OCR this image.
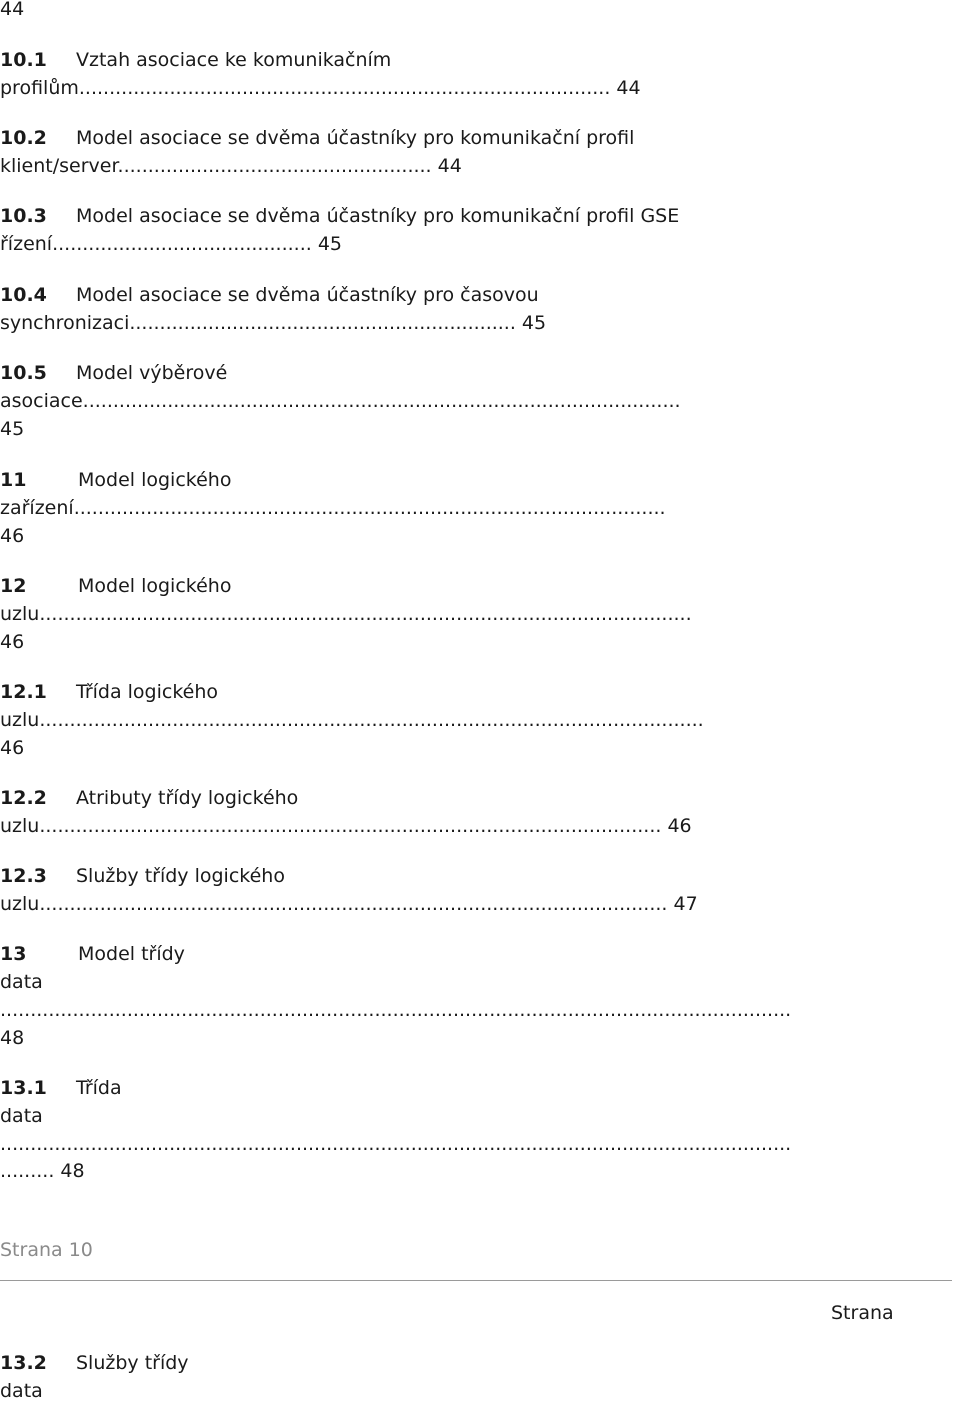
44
10.1 Vztah asociace ke komunikačním
profilům........................................................................................ 44
10.2 Model asociace se dvěma účastníky pro komunikační profil
klient/server.................................................... 44
10.3 Model asociace se dvěma účastníky pro komunikační profil GSE
řízení........................................... 45
10.4 Model asociace se dvěma účastníky pro časovou
synchronizaci................................................................ 45
10.5 Model výběrové
asociace...................................................................................................
45
11	Model logického
zařízení..................................................................................................
46
12	Model logického
uzlu............................................................................................................
46
12.1 Třída logického
uzlu..............................................................................................................
46
12.2 Atributy třídy logického
uzlu....................................................................................................... 46
12.3 Služby třídy logického
uzlu........................................................................................................ 47
13	Model třídy
data
...................................................................................................................................
48
13.1 Třída
data
...................................................................................................................................
......... 48
Strana 10
Strana
13.2 Služby třídy
data
